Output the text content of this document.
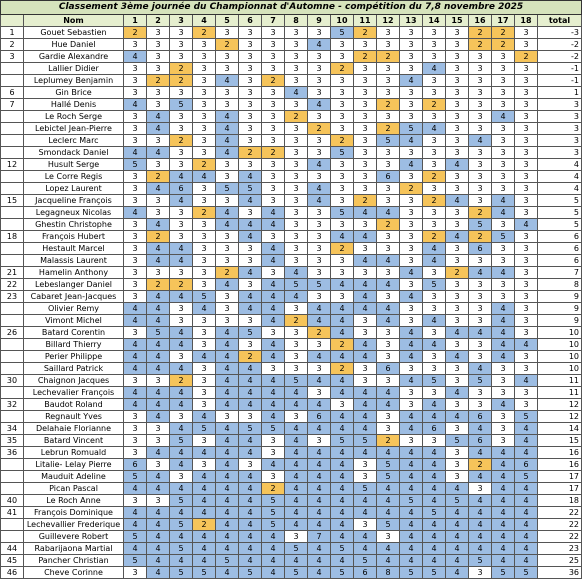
Classement 3ème journée du Championnat d'Automne - compétition du 7,8 novembre 2025																				
	Nom	1	2	3	4	5	6	7	8	9	10	11	12	13	14	15	16	17	18	total
1	Gouet Sebastien	2	3	3	2	3	3	3	3	3	5	2	3	3	3	3	2	2	3	-3
2	Hue Daniel	3	3	3	3	2	3	3	3	4	3	3	3	3	3	3	2	2	3	-2
3	Gardie Alexandre	4	3	3	3	3	3	3	3	3	3	2	2	3	3	3	3	3	2	-2
	Lallier Didier	3	3	2	3	3	3	3	3	3	2	3	3	3	4	3	3	3	3	-1
	Leplumey Benjamin	3	2	2	3	4	3	2	3	3	3	3	3	4	3	3	3	3	3	-1
6	Gin Brice	3	3	3	3	3	3	3	4	3	3	3	3	3	3	3	3	3	3	1
7	Hallé Denis	4	3	5	3	3	3	3	3	4	3	3	2	3	2	3	3	3	3	3
	Le Roch Serge	3	4	3	3	4	3	3	2	3	3	3	3	3	3	3	3	4	3	3
	Lebictel Jean-Pierre	3	4	3	3	4	3	3	3	2	3	3	2	5	4	3	3	3	3	3
	Leclerc Marc	3	3	2	3	4	3	3	3	3	2	3	5	4	3	3	4	3	3	3
	Smondack Daniel	4	4	3	3	4	2	2	3	3	5	3	3	3	3	3	3	3	3	3
12	Husult Serge	5	3	3	2	3	3	3	3	4	3	3	3	4	3	4	3	3	3	4
	Le Corre Regis	3	2	4	4	3	4	3	3	3	3	3	6	3	2	3	3	3	3	4
	Lopez Laurent	3	4	6	3	5	5	3	3	4	3	3	3	2	3	3	3	3	3	4
15	Jacqueline François	3	3	4	3	3	4	3	3	4	3	2	3	3	2	4	3	4	3	5
	Legagneux Nicolas	4	3	3	2	4	3	4	3	3	5	4	4	3	3	3	2	4	3	5
	Ghestin Christophe	3	4	3	3	4	4	4	3	3	3	3	2	3	3	3	5	3	4	5
18	François Hubert	3	2	3	3	3	4	3	3	3	4	4	3	3	2	4	2	5	3	6
	Hestault Marcel	3	4	4	3	3	3	4	3	3	2	3	3	3	4	3	6	3	3	6
	Malassis Laurent	3	4	4	3	3	3	4	3	3	3	4	4	3	4	3	3	3	3	6
21	Hamelin Anthony	3	3	3	3	2	4	3	4	3	3	3	3	4	3	2	4	4	3	7
22	Lebeslanger Daniel	3	2	2	3	4	3	4	5	5	4	4	4	3	5	3	3	3	3	8
23	Cabaret Jean-Jacques	3	4	4	5	3	4	4	4	3	3	4	3	4	3	3	3	3	3	9
	Olivier Remy	4	4	3	4	3	4	4	3	4	4	4	4	3	3	3	3	4	3	9
	Vimont Michel	4	4	3	3	3	3	4	2	4	4	3	4	3	4	3	3	4	3	9
26	Batard Corentin	3	5	4	3	4	5	3	3	2	4	3	3	4	3	4	4	4	3	10
	Billard Thierry	4	4	4	3	4	3	4	3	3	2	4	3	4	4	3	3	4	4	10
	Perier Philippe	4	4	3	4	4	2	4	3	4	4	4	3	4	3	4	3	4	3	10
	Saillard Patrick	4	4	4	3	4	4	3	3	3	2	3	6	3	3	3	4	3	3	10
30	Chaignon Jacques	3	3	2	3	4	4	4	5	4	4	3	3	4	5	3	5	3	4	11
	Lechevalier François	4	4	4	3	4	4	4	4	3	4	4	4	3	3	4	3	3	3	11
32	Baudot Roland	4	4	4	3	4	4	4	4	4	3	4	4	3	4	3	3	4	3	12
	Regnault Yves	3	4	3	4	3	3	4	3	6	4	4	3	4	4	4	6	3	5	12
34	Delahaie Florianne	3	3	4	5	4	5	5	4	4	4	4	3	4	6	3	4	3	4	14
35	Batard Vincent	3	3	5	3	4	4	3	4	3	5	5	2	3	3	5	6	3	4	15
36	Lebrun Romuald	3	4	4	4	4	4	3	4	4	4	4	4	4	4	3	4	4	4	16
	Litalie- Lelay Pierre	6	3	4	3	4	3	4	4	4	4	3	5	4	4	3	2	4	6	16
	Mauduit Adeline	5	4	3	4	4	4	3	4	4	4	3	5	4	4	3	4	4	5	17
	Pican Pascal	4	4	4	4	4	4	2	4	4	4	5	4	4	4	4	3	4	4	17
40	Le Roch Anne	3	3	5	4	4	4	5	4	4	4	4	4	5	4	5	4	4	4	18
41	François Dominique	4	4	4	4	4	4	5	4	4	4	4	4	4	5	4	4	4	4	22
	Lechevallier Frederique	4	4	5	2	4	4	5	4	4	4	3	5	4	4	4	4	4	4	22
	Guillevere Robert	5	4	4	4	4	4	4	3	7	4	4	3	4	4	4	4	4	4	22
44	Rabarijaona Martial	4	4	5	4	4	4	4	5	4	5	4	4	4	4	4	4	4	4	23
45	Pancher Christian	5	4	4	4	5	4	4	4	4	4	5	4	4	4	4	5	4	4	25
46	Cheve Corinne	3	4	5	5	4	5	4	5	4	5	6	8	5	5	4	3	5	5	36
